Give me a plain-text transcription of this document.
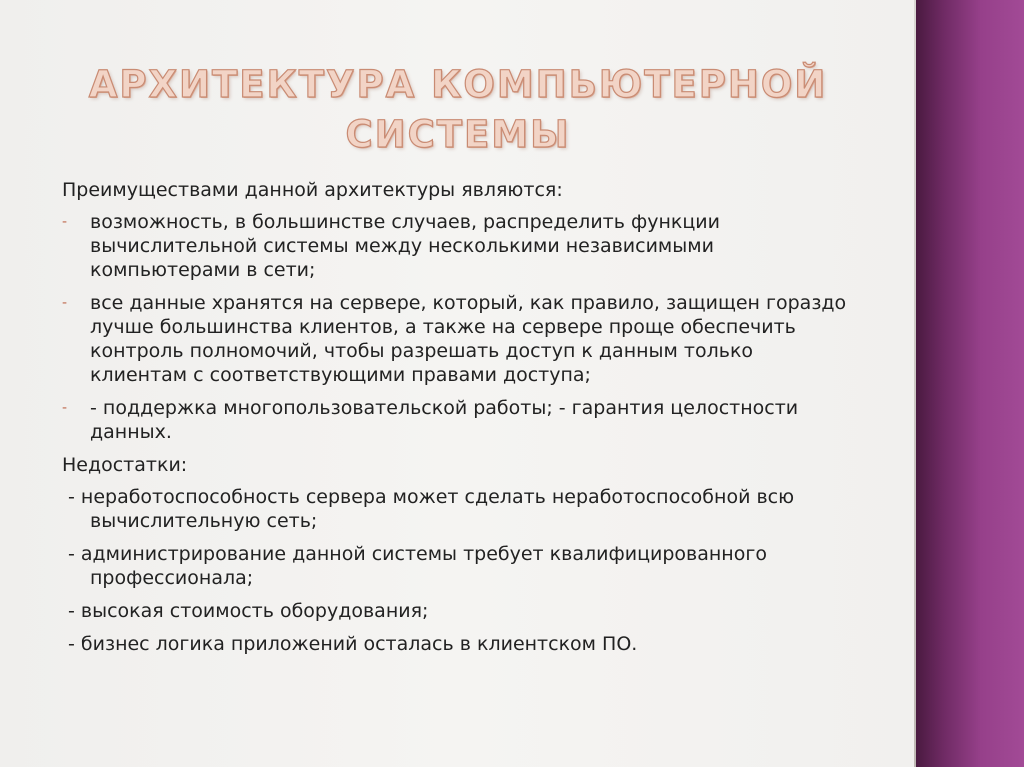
АРХИТЕКТУРА КОМПЬЮТЕРНОЙ
СИСТЕМЫ

Преимуществами данной архитектуры являются:

- возможность, в большинстве случаев, распределить функции вычислительной системы между несколькими независимыми компьютерами в сети;

- все данные хранятся на сервере, который, как правило, защищен гораздо лучше большинства клиентов, а также на сервере проще обеспечить контроль полномочий, чтобы разрешать доступ к данным только клиентам с соответствующими правами доступа;

- - поддержка многопользовательской работы; - гарантия целостности данных.

Недостатки:

- неработоспособность сервера может сделать неработоспособной всю вычислительную сеть;

- администрирование данной системы требует квалифицированного профессионала;

- высокая стоимость оборудования;

- бизнес логика приложений осталась в клиентском ПО.
